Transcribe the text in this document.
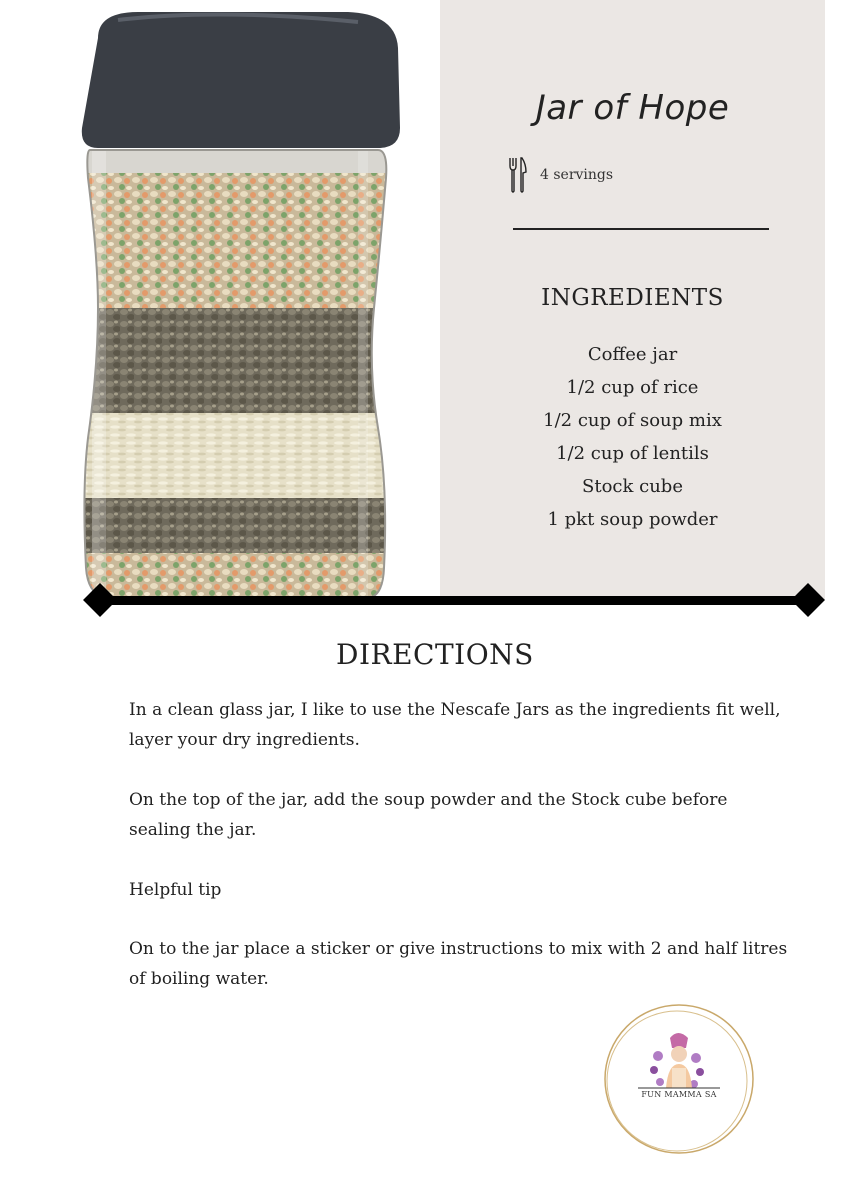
Jar of Hope
4 servings
INGREDIENTS
Coffee jar
1/2 cup of rice
1/2 cup of soup mix
1/2 cup of lentils
Stock cube
1 pkt soup powder
DIRECTIONS

In a clean glass jar, I like to use the Nescafe Jars as the ingredients fit well, layer your dry ingredients.

On the top of the jar, add the soup powder and the Stock cube before sealing the jar.

Helpful tip

On to the jar place a sticker or give instructions to mix with 2 and half litres of boiling water.

FUN MAMMA SA
